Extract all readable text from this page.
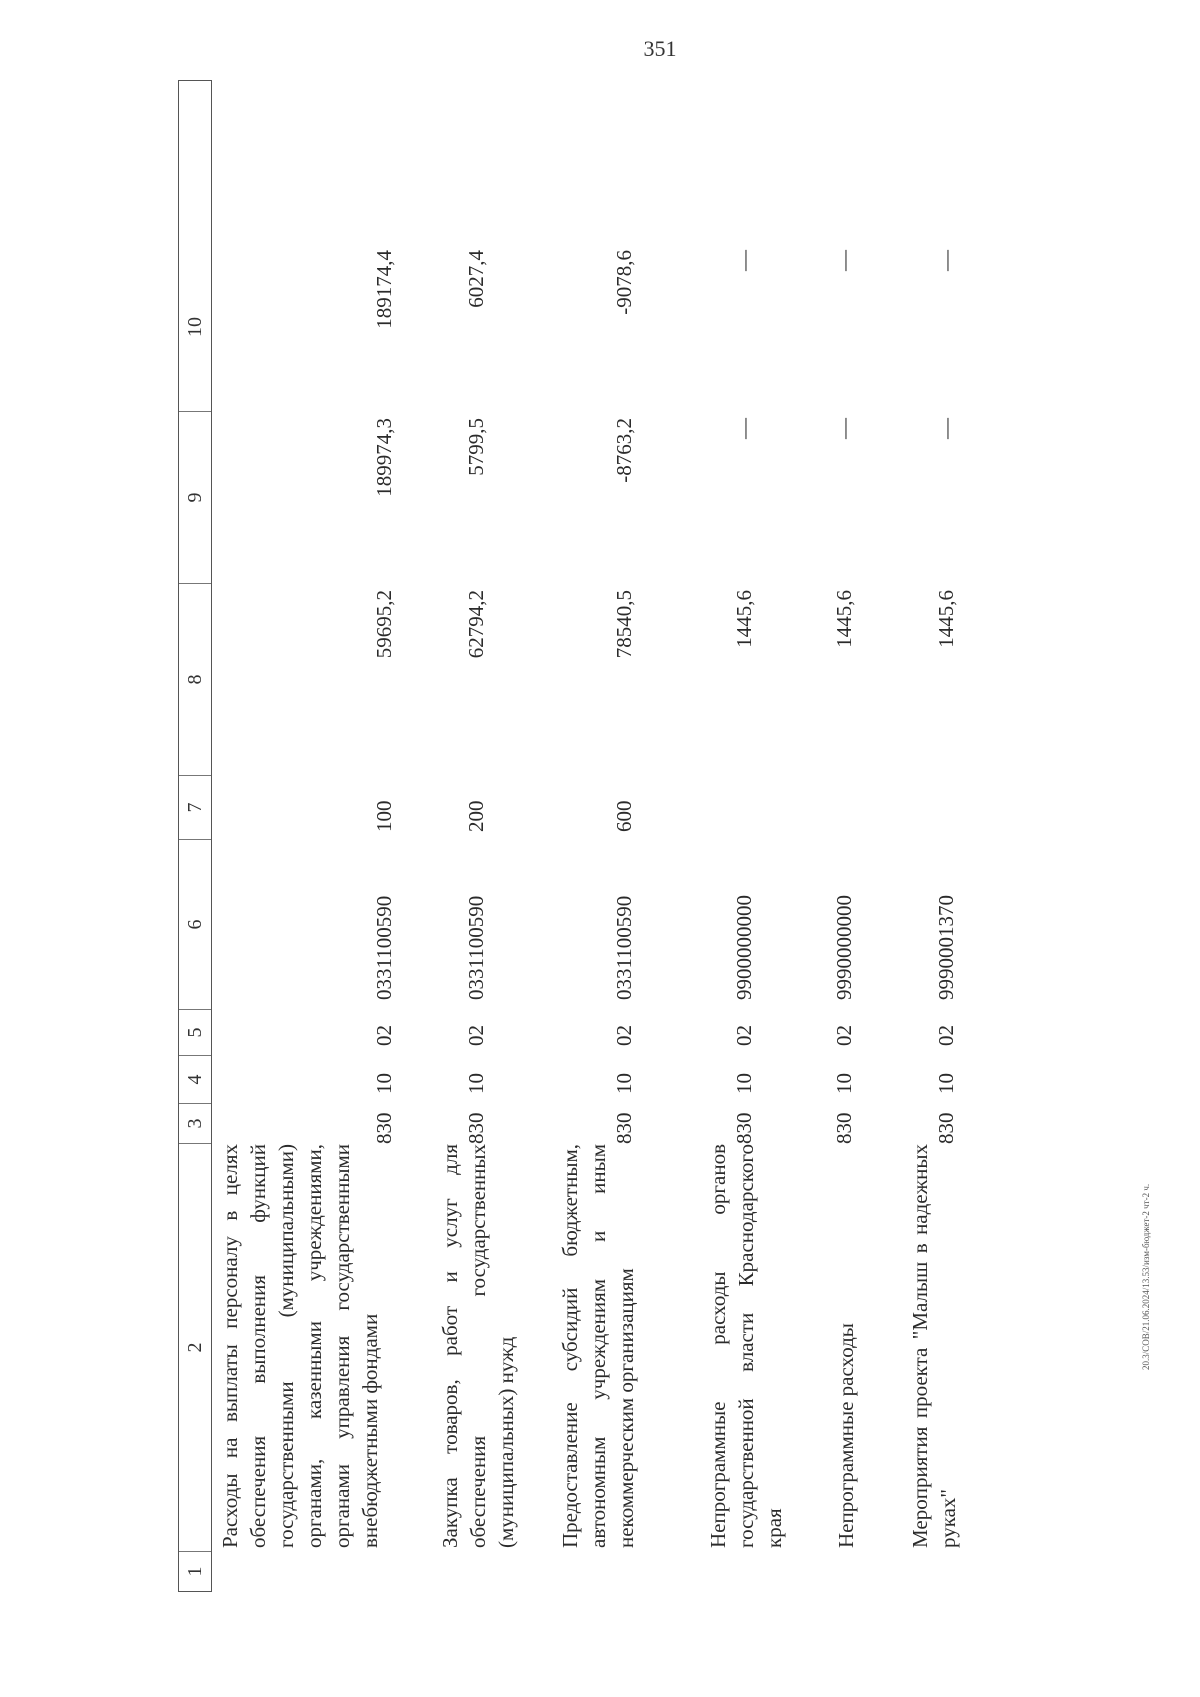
351
20.3/СОВ/21.06.2024/13.53/изм-бюджет-2 чт-2 ч.
1
2
3
4
5
6
7
8
9
10
Расходы на выплаты персоналу в целях обеспечения выполнения функций государственными (муниципальными) органами, казенными учреждениями, органами управления государственными внебюджетными фондами
830
10
02
0331100590
100
59695,2
189974,3
189174,4
Закупка товаров, работ и услуг для обеспечения государственных (муниципальных) нужд
830
10
02
0331100590
200
62794,2
5799,5
6027,4
Предоставление субсидий бюджетным, автономным учреждениям и иным некоммерческим организациям
830
10
02
0331100590
600
78540,5
-8763,2
-9078,6
Непрограммные расходы органов государственной власти Краснодарского края
830
10
02
9900000000
1445,6
—
—
Непрограммные расходы
830
10
02
9990000000
1445,6
—
—
Мероприятия проекта "Малыш в надежных руках"
830
10
02
9990001370
1445,6
—
—
